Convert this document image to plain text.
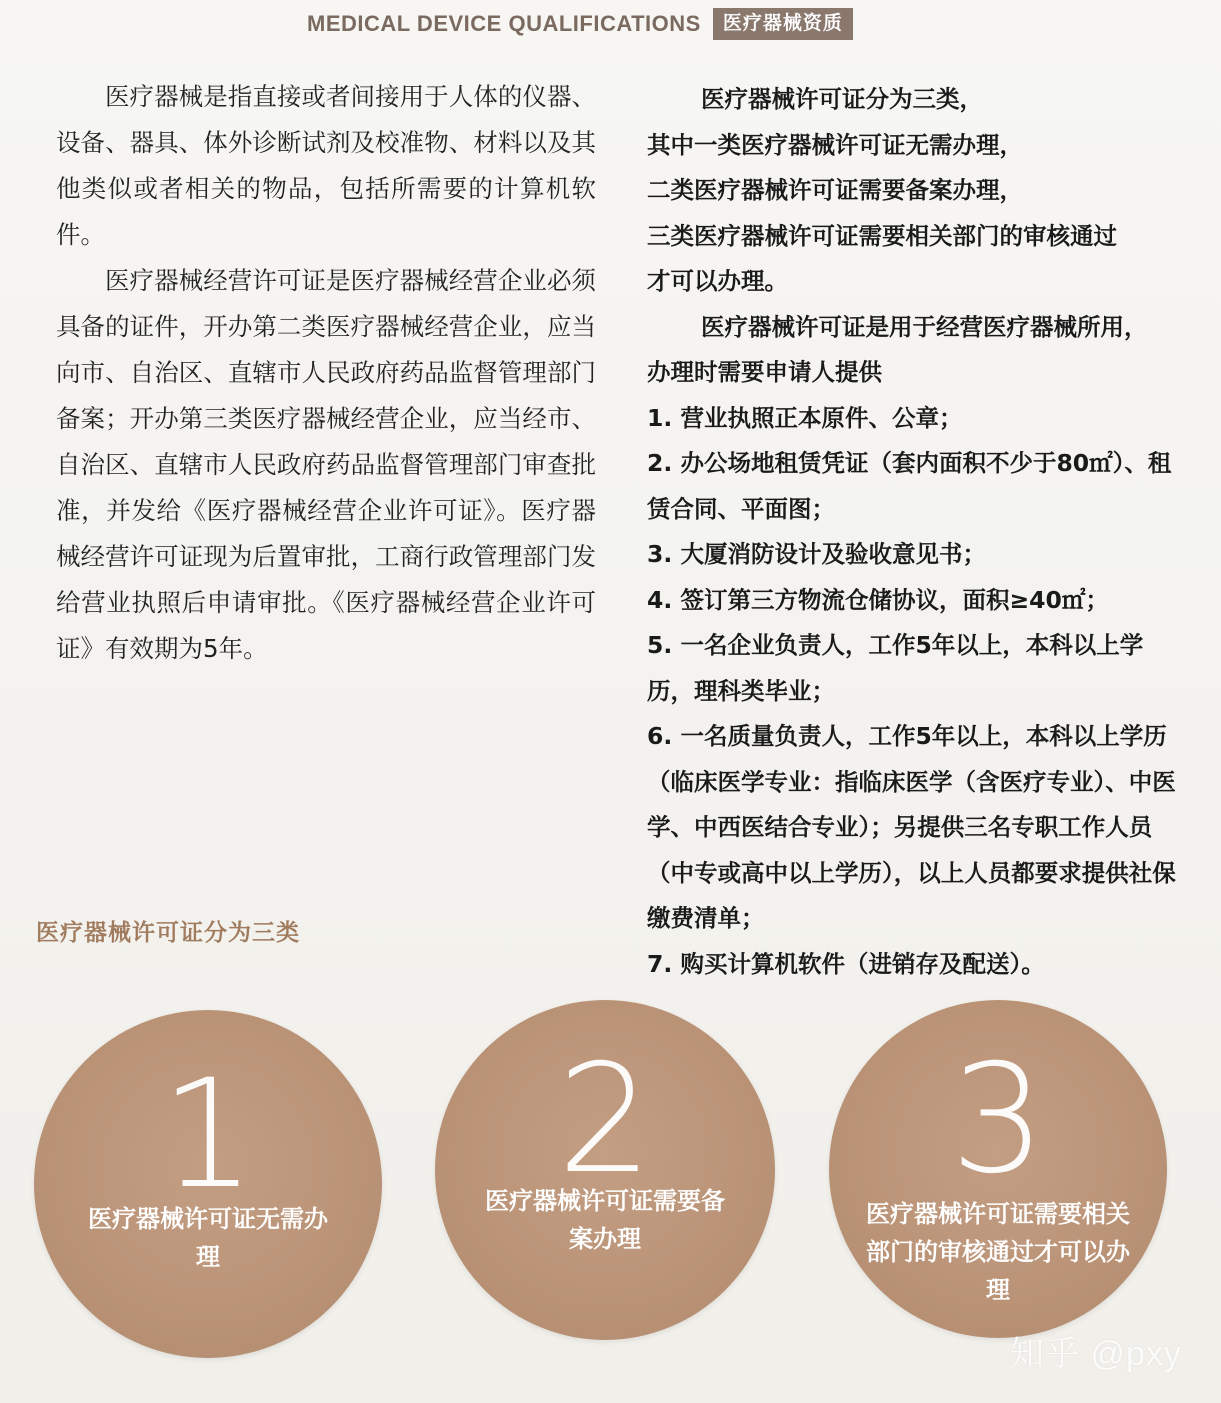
MEDICAL DEVICE QUALIFICATIONS	医疗器械资质

医疗器械是指直接或者间接用于人体的仪器、设备、器具、体外诊断试剂及校准物、材料以及其他类似或者相关的物品，包括所需要的计算机软件。

医疗器械经营许可证是医疗器械经营企业必须具备的证件，开办第二类医疗器械经营企业，应当向市、自治区、直辖市人民政府药品监督管理部门备案；开办第三类医疗器械经营企业，应当经市、自治区、直辖市人民政府药品监督管理部门审查批准，并发给《医疗器械经营企业许可证》。医疗器械经营许可证现为后置审批，工商行政管理部门发给营业执照后申请审批。《医疗器械经营企业许可证》有效期为5年。

医疗器械许可证分为三类，

其中一类医疗器械许可证无需办理，

二类医疗器械许可证需要备案办理，

三类医疗器械许可证需要相关部门的审核通过

才可以办理。

医疗器械许可证是用于经营医疗器械所用，

办理时需要申请人提供

1. 营业执照正本原件、公章；

2. 办公场地租赁凭证（套内面积不少于80㎡）、租赁合同、平面图；

3. 大厦消防设计及验收意见书；

4. 签订第三方物流仓储协议，面积≥40㎡；

5. 一名企业负责人，工作5年以上，本科以上学历，理科类毕业；

6. 一名质量负责人，工作5年以上，本科以上学历（临床医学专业：指临床医学（含医疗专业）、中医学、中西医结合专业）；另提供三名专职工作人员（中专或高中以上学历），以上人员都要求提供社保缴费清单；

7. 购买计算机软件（进销存及配送）。

医疗器械许可证分为三类
1
医疗器械许可证无需办理
2
医疗器械许可证需要备案办理
3
医疗器械许可证需要相关部门的审核通过才可以办理
知乎 @pxy
